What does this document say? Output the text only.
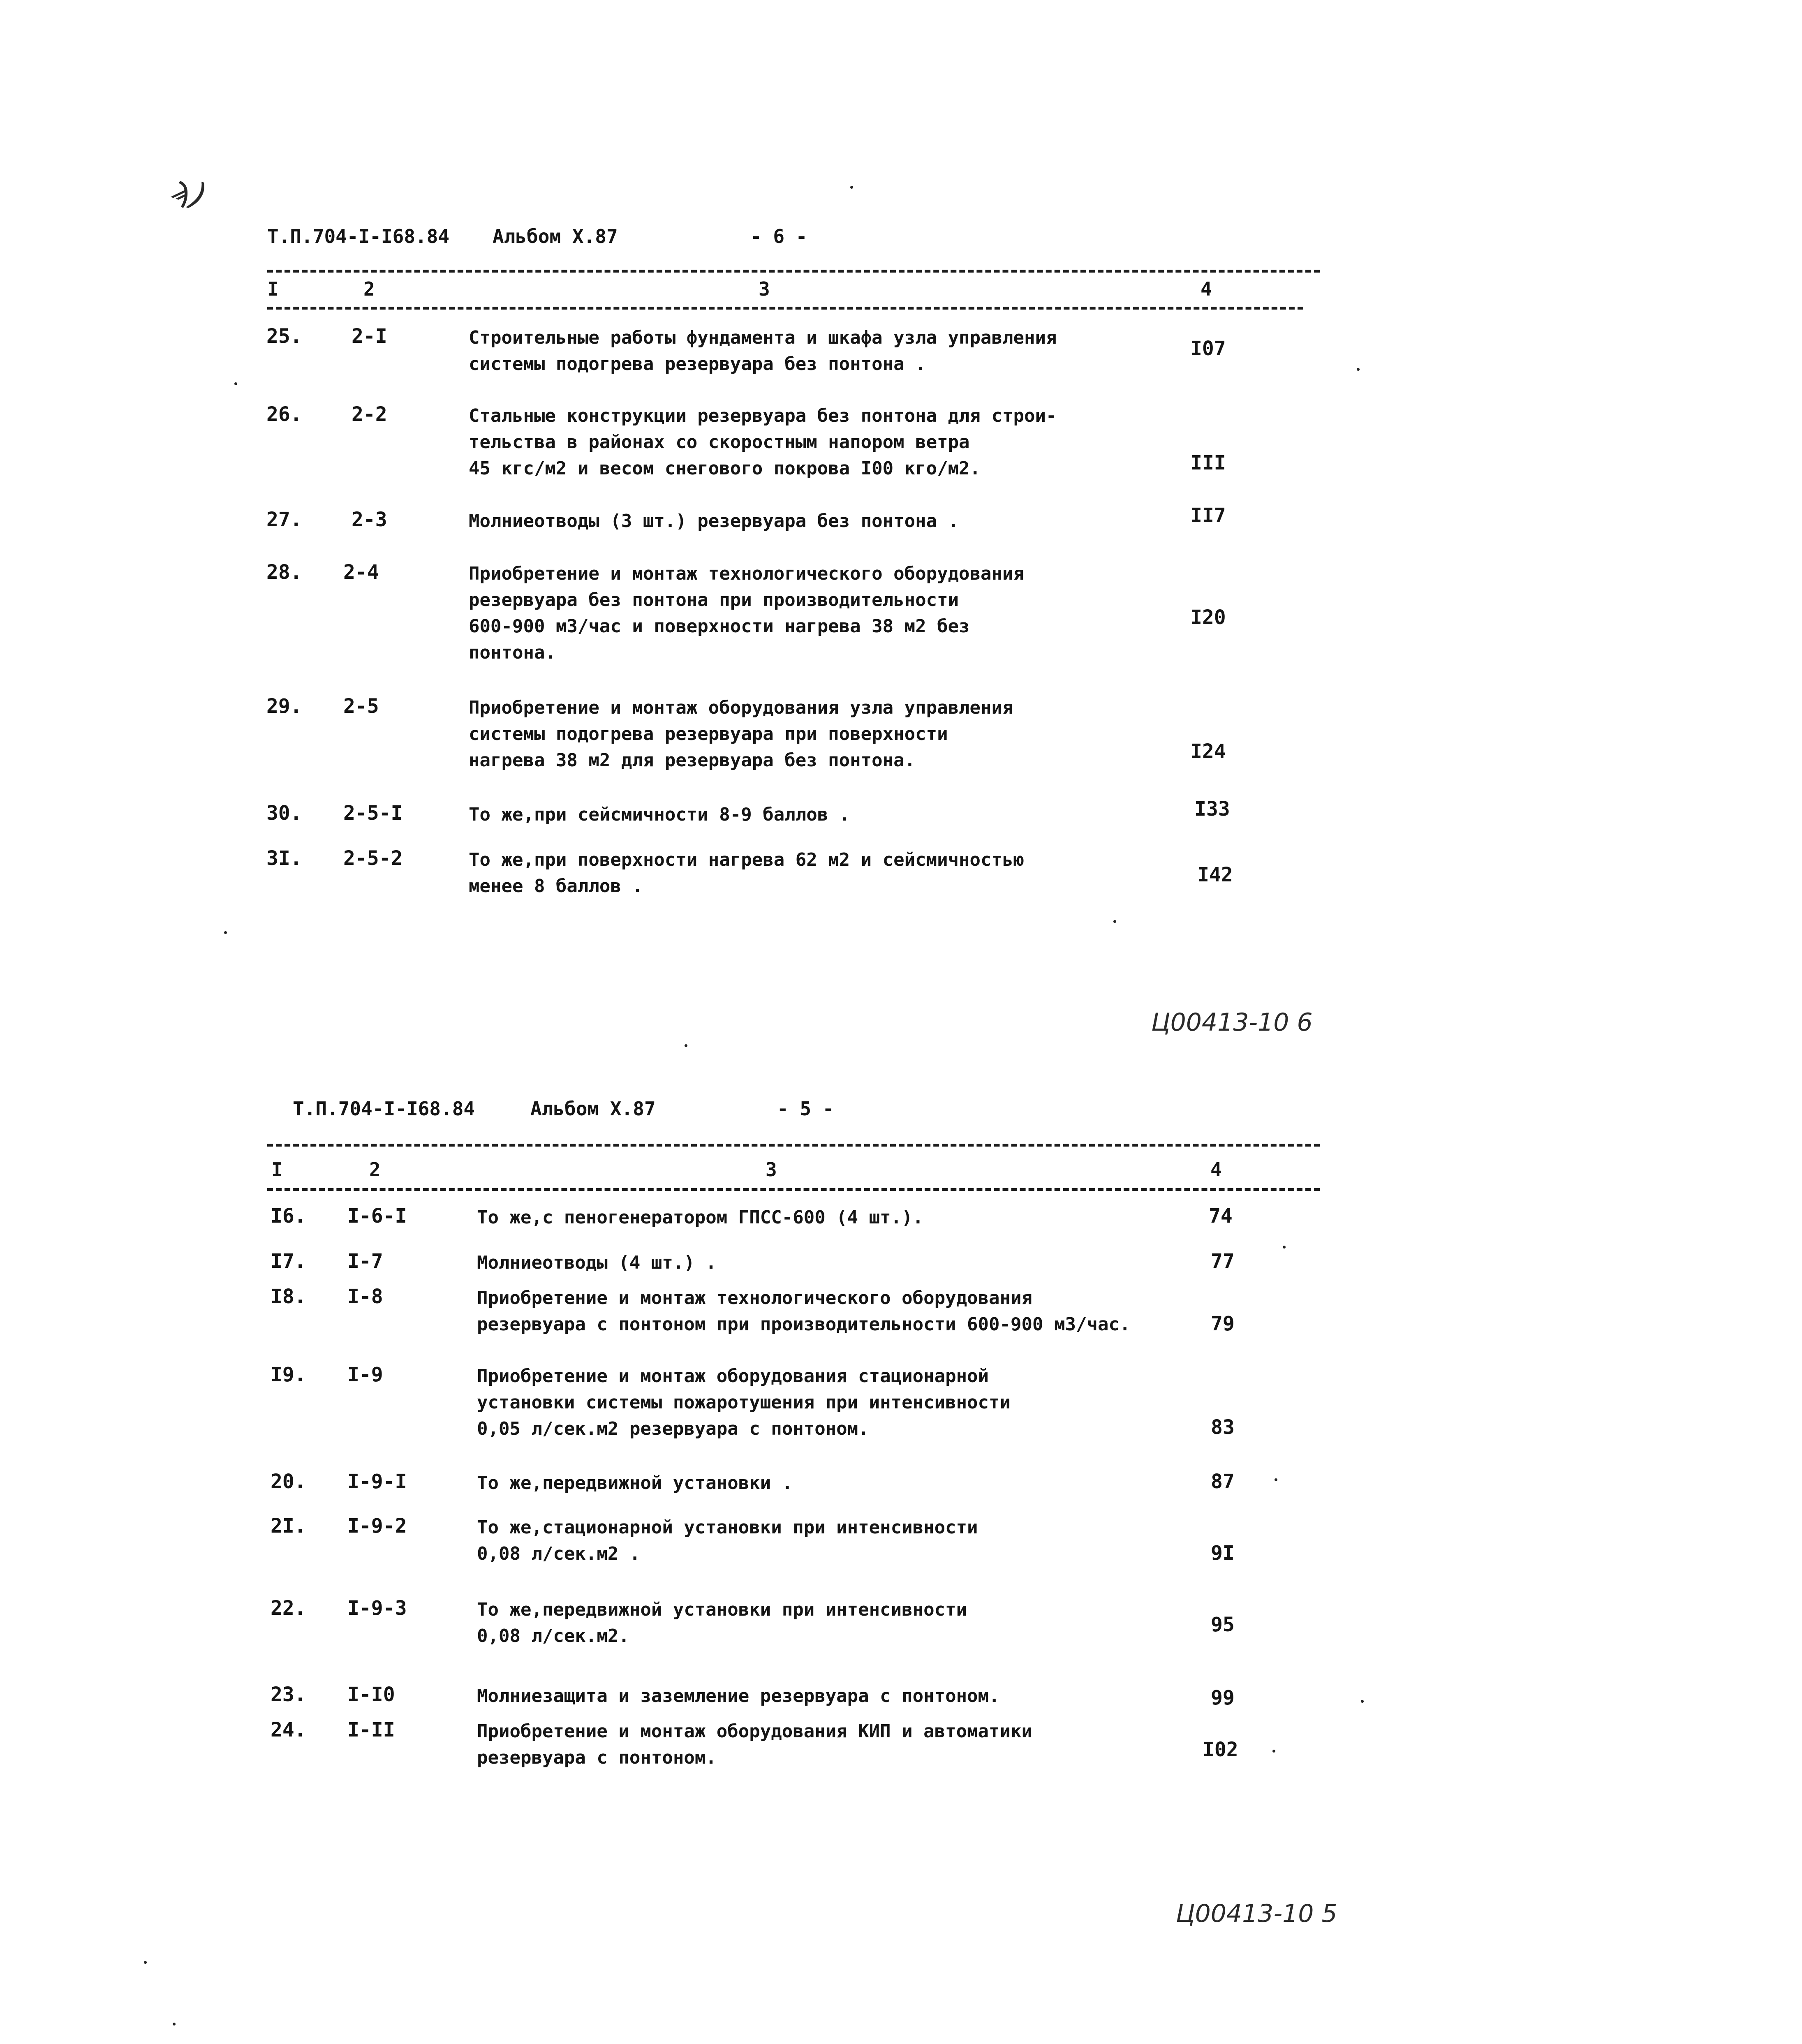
ϡ)
Т.П.704-I-I68.84 Альбом X.87	- 6 -
I	2	3	4
25.	2-I	Строительные работы фундамента и шкафа узла управления
системы подогрева резервуара без понтона .
I07
26.	2-2	Стальные конструкции резервуара без понтона для строи-
тельства в районах со скоростным напором ветра
45 кгс/м2 и весом снегового покрова I00 кго/м2.	III
27.	2-3	Молниеотводы (3 шт.) резервуара без понтона .	II7
28. 2-4	Приобретение и монтаж технологического оборудования
резервуара без понтона при производительности
600-900 м3/час и поверхности нагрева 38 м2 без
понтона.
I20
29. 2-5	Приобретение и монтаж оборудования узла управления
системы подогрева резервуара при поверхности
нагрева 38 м2 для резервуара без понтона.	I24
30. 2-5-I	То же,при сейсмичности 8-9 баллов .	I33
3I. 2-5-2	То же,при поверхности нагрева 62 м2 и сейсмичностью
менее 8 баллов .	I42
Ц00413-10 6
Т.П.704-I-I68.84	Альбом X.87	- 5 -
I	2	3	4
I6. I-6-I	То же,с пеногенератором ГПСС-600 (4 шт.).	74
I7. I-7	Молниеотводы (4 шт.) .	77
I8. I-8	Приобретение и монтаж технологического оборудования
резервуара с понтоном при производительности 600-900 м3/час.	79
I9. I-9	Приобретение и монтаж оборудования стационарной
установки системы пожаротушения при интенсивности
0,05 л/сек.м2 резервуара с понтоном.	83
20. I-9-I	То же,передвижной установки .	87
2I. I-9-2	То же,стационарной установки при интенсивности
0,08 л/сек.м2 .	9I
22. I-9-3	То же,передвижной установки при интенсивности
0,08 л/сек.м2.	95
23. I-I0	Молниезащита и заземление резервуара с понтоном.	99
24. I-II	Приобретение и монтаж оборудования КИП и автоматики
резервуара с понтоном.	I02
Ц00413-10 5
